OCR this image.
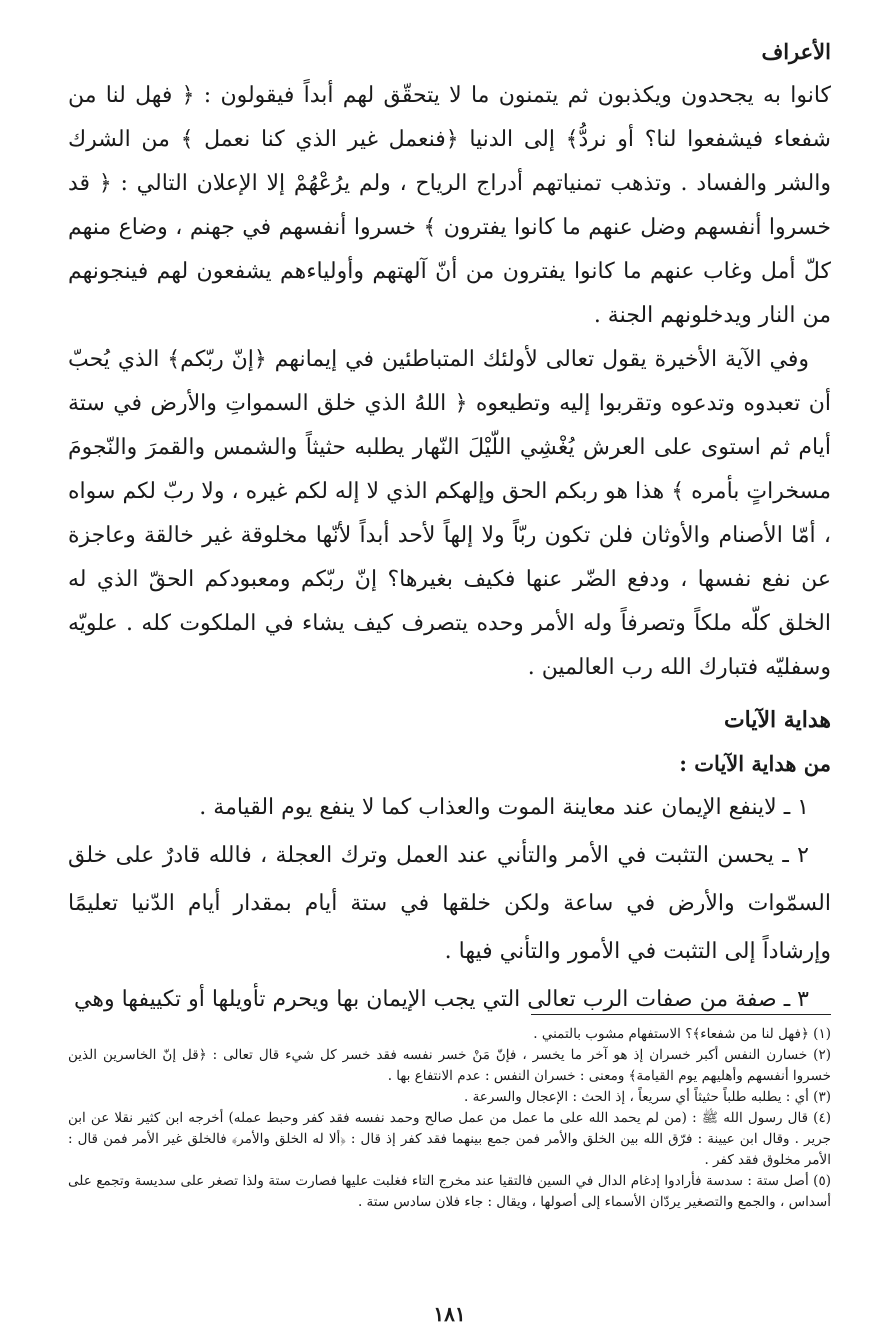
الأعراف

كانوا به يجحدون ويكذبون ثم يتمنون ما لا يتحقّق لهم أبداً فيقولون : ﴿ فهل لنا من شفعاء فيشفعوا لنا؟ أو نردُّ﴾ إلى الدنيا ﴿فنعمل غير الذي كنا نعمل ﴾ من الشرك والشر والفساد . وتذهب تمنياتهم أدراج الرياح ، ولم يرُعْهُمْ إلا الإعلان التالي : ﴿ قد خسروا أنفسهم وضل عنهم ما كانوا يفترون ﴾ خسروا أنفسهم في جهنم ، وضاع منهم كلّ أمل وغاب عنهم ما كانوا يفترون من أنّ آلهتهم وأولياءهم يشفعون لهم فينجونهم من النار ويدخلونهم الجنة .

وفي الآية الأخيرة يقول تعالى لأولئك المتباطئين في إيمانهم ﴿إنّ ربّكم﴾ الذي يُحبّ أن تعبدوه وتدعوه وتقربوا إليه وتطيعوه ﴿ اللهُ الذي خلق السمواتِ والأرض في ستة أيام ثم استوى على العرش يُغْشِي اللّيْلَ النّهار يطلبه حثيثاً والشمس والقمرَ والنّجومَ مسخراتٍ بأمره ﴾ هذا هو ربكم الحق وإلهكم الذي لا إله لكم غيره ، ولا ربّ لكم سواه ، أمّا الأصنام والأوثان فلن تكون ربّاً ولا إلهاً لأحد أبداً لأنّها مخلوقة غير خالقة وعاجزة عن نفع نفسها ، ودفع الضّر عنها فكيف بغيرها؟ إنّ ربّكم ومعبودكم الحقّ الذي له الخلق كلّه ملكاً وتصرفاً وله الأمر وحده يتصرف كيف يشاء في الملكوت كله . علويّه وسفليّه فتبارك الله رب العالمين .

هداية الآيات
من هداية الآيات :
١ ـ لاينفع الإيمان عند معاينة الموت والعذاب كما لا ينفع يوم القيامة .
٢ ـ يحسن التثبت في الأمر والتأني عند العمل وترك العجلة ، فالله قادرٌ على خلق السمّوات والأرض في ساعة ولكن خلقها في ستة أيام بمقدار أيام الدّنيا تعليمًا وإرشاداً إلى التثبت في الأمور والتأني فيها .
٣ ـ صفة من صفات الرب تعالى التي يجب الإيمان بها ويحرم تأويلها أو تكييفها وهي

(١) ﴿فهل لنا من شفعاء﴾؟ الاستفهام مشوب بالتمني .

(٢) خسارن النفس أكبر خسران إذ هو آخر ما يخسر ، فإنّ مَنْ خسر نفسه فقد خسر كل شيء قال تعالى : ﴿قل إنّ الخاسرين الذين خسروا أنفسهم وأهليهم يوم القيامة﴾ ومعنى : خسران النفس : عدم الانتفاع بها .

(٣) أي : يطلبه طلباً حثيثاً أي سريعاً ، إذ الحث : الإعجال والسرعة .

(٤) قال رسول الله ﷺ : (من لم يحمد الله على ما عمل من عمل صالح وحمد نفسه فقد كفر وحبط عمله) أخرجه ابن كثير نقلا عن ابن جرير . وقال ابن عيينة : فرّق الله بين الخلق والأمر فمن جمع بينهما فقد كفر إذ قال : ﴿ألا له الخلق والأمر﴾ فالخلق غير الأمر فمن قال : الأمر مخلوق فقد كفر .

(٥) أصل ستة : سدسة فأرادوا إدغام الدال في السين فالتقيا عند مخرج التاء فغلبت عليها فصارت ستة ولذا تصغر على سديسة وتجمع على أسداس ، والجمع والتصغير يردّان الأسماء إلى أصولها ، ويقال : جاء فلان سادس ستة .

١٨١
